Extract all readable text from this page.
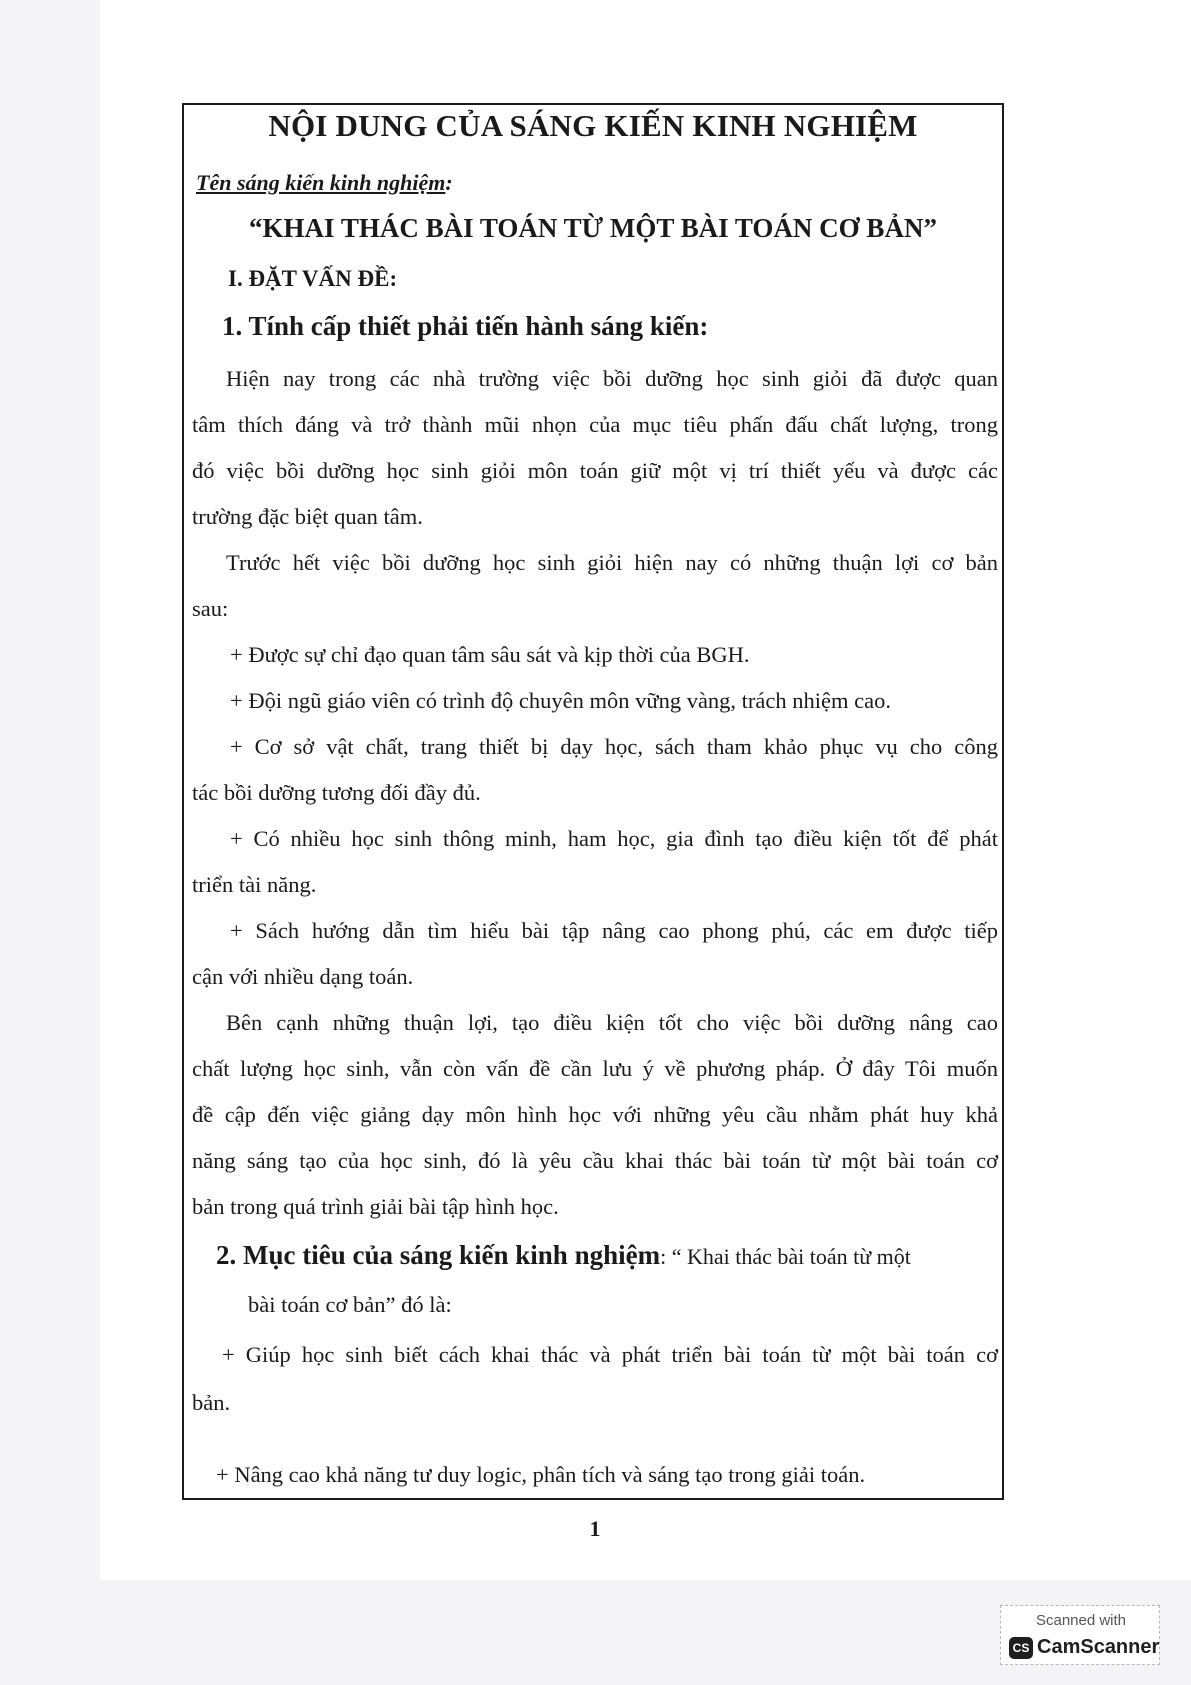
NỘI DUNG CỦA SÁNG KIẾN KINH NGHIỆM
Tên sáng kiến kinh nghiệm:
“KHAI THÁC BÀI TOÁN TỪ MỘT BÀI TOÁN CƠ BẢN”
I. ĐẶT VẤN ĐỀ:
1. Tính cấp thiết phải tiến hành sáng kiến:
Hiện nay trong các nhà trường việc bồi dưỡng học sinh giỏi đã được quan
tâm thích đáng và trở thành mũi nhọn của mục tiêu phấn đấu chất lượng, trong
đó việc bồi dưỡng học sinh giỏi môn toán giữ một vị trí thiết yếu và được các
trường đặc biệt quan tâm.
Trước hết việc bồi dưỡng học sinh giỏi hiện nay có những thuận lợi cơ bản
sau:
+ Được sự chỉ đạo quan tâm sâu sát và kịp thời của BGH.
+ Đội ngũ giáo viên có trình độ chuyên môn vững vàng, trách nhiệm cao.
+ Cơ sở vật chất, trang thiết bị dạy học, sách tham khảo phục vụ cho công
tác bồi dưỡng tương đối đầy đủ.
+ Có nhiều học sinh thông minh, ham học, gia đình tạo điều kiện tốt để phát
triển tài năng.
+ Sách hướng dẫn tìm hiểu bài tập nâng cao phong phú, các em được tiếp
cận với nhiều dạng toán.
Bên cạnh những thuận lợi, tạo điều kiện tốt cho việc bồi dưỡng nâng cao
chất lượng học sinh, vẫn còn vấn đề cần lưu ý về phương pháp. Ở đây Tôi muốn
đề cập đến việc giảng dạy môn hình học với những yêu cầu nhằm phát huy khả
năng sáng tạo của học sinh, đó là yêu cầu khai thác bài toán từ một bài toán cơ
bản trong quá trình giải bài tập hình học.
2. Mục tiêu của sáng kiến kinh nghiệm: “ Khai thác bài toán từ một
bài toán cơ bản” đó là:
+ Giúp học sinh biết cách khai thác và phát triển bài toán từ một bài toán cơ
bản.
+ Nâng cao khả năng tư duy logic, phân tích và sáng tạo trong giải toán.
1
Scanned with
CS CamScanner
